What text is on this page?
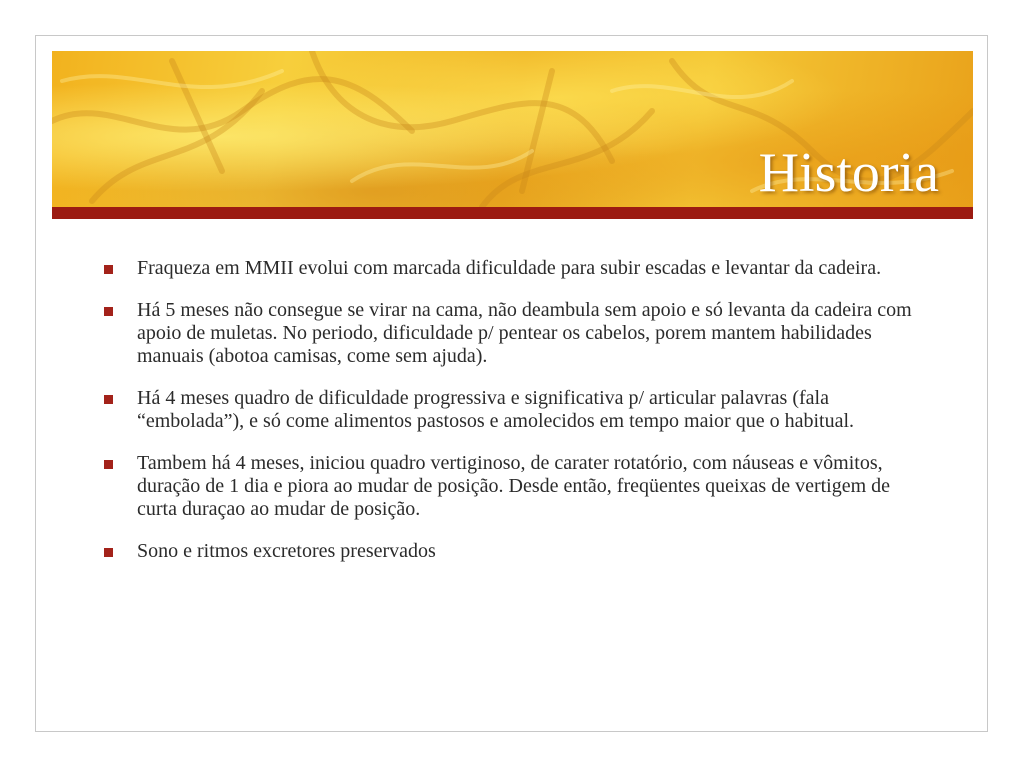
Historia
Fraqueza em MMII evolui com marcada dificuldade para subir escadas e levantar da cadeira.
Há 5 meses não consegue se virar na cama, não deambula sem apoio e só levanta da cadeira com apoio de muletas. No periodo, dificuldade p/ pentear os cabelos, porem mantem habilidades manuais (abotoa camisas, come sem ajuda).
Há 4 meses quadro de dificuldade progressiva e significativa p/ articular palavras (fala “embolada”), e só come alimentos pastosos e amolecidos em tempo maior que o habitual.
Tambem há 4 meses, iniciou quadro vertiginoso, de carater rotatório, com náuseas e vômitos, duração de 1 dia e piora ao mudar de posição. Desde então, freqüentes queixas de vertigem de curta duraçao ao mudar de posição.
Sono e ritmos excretores preservados
